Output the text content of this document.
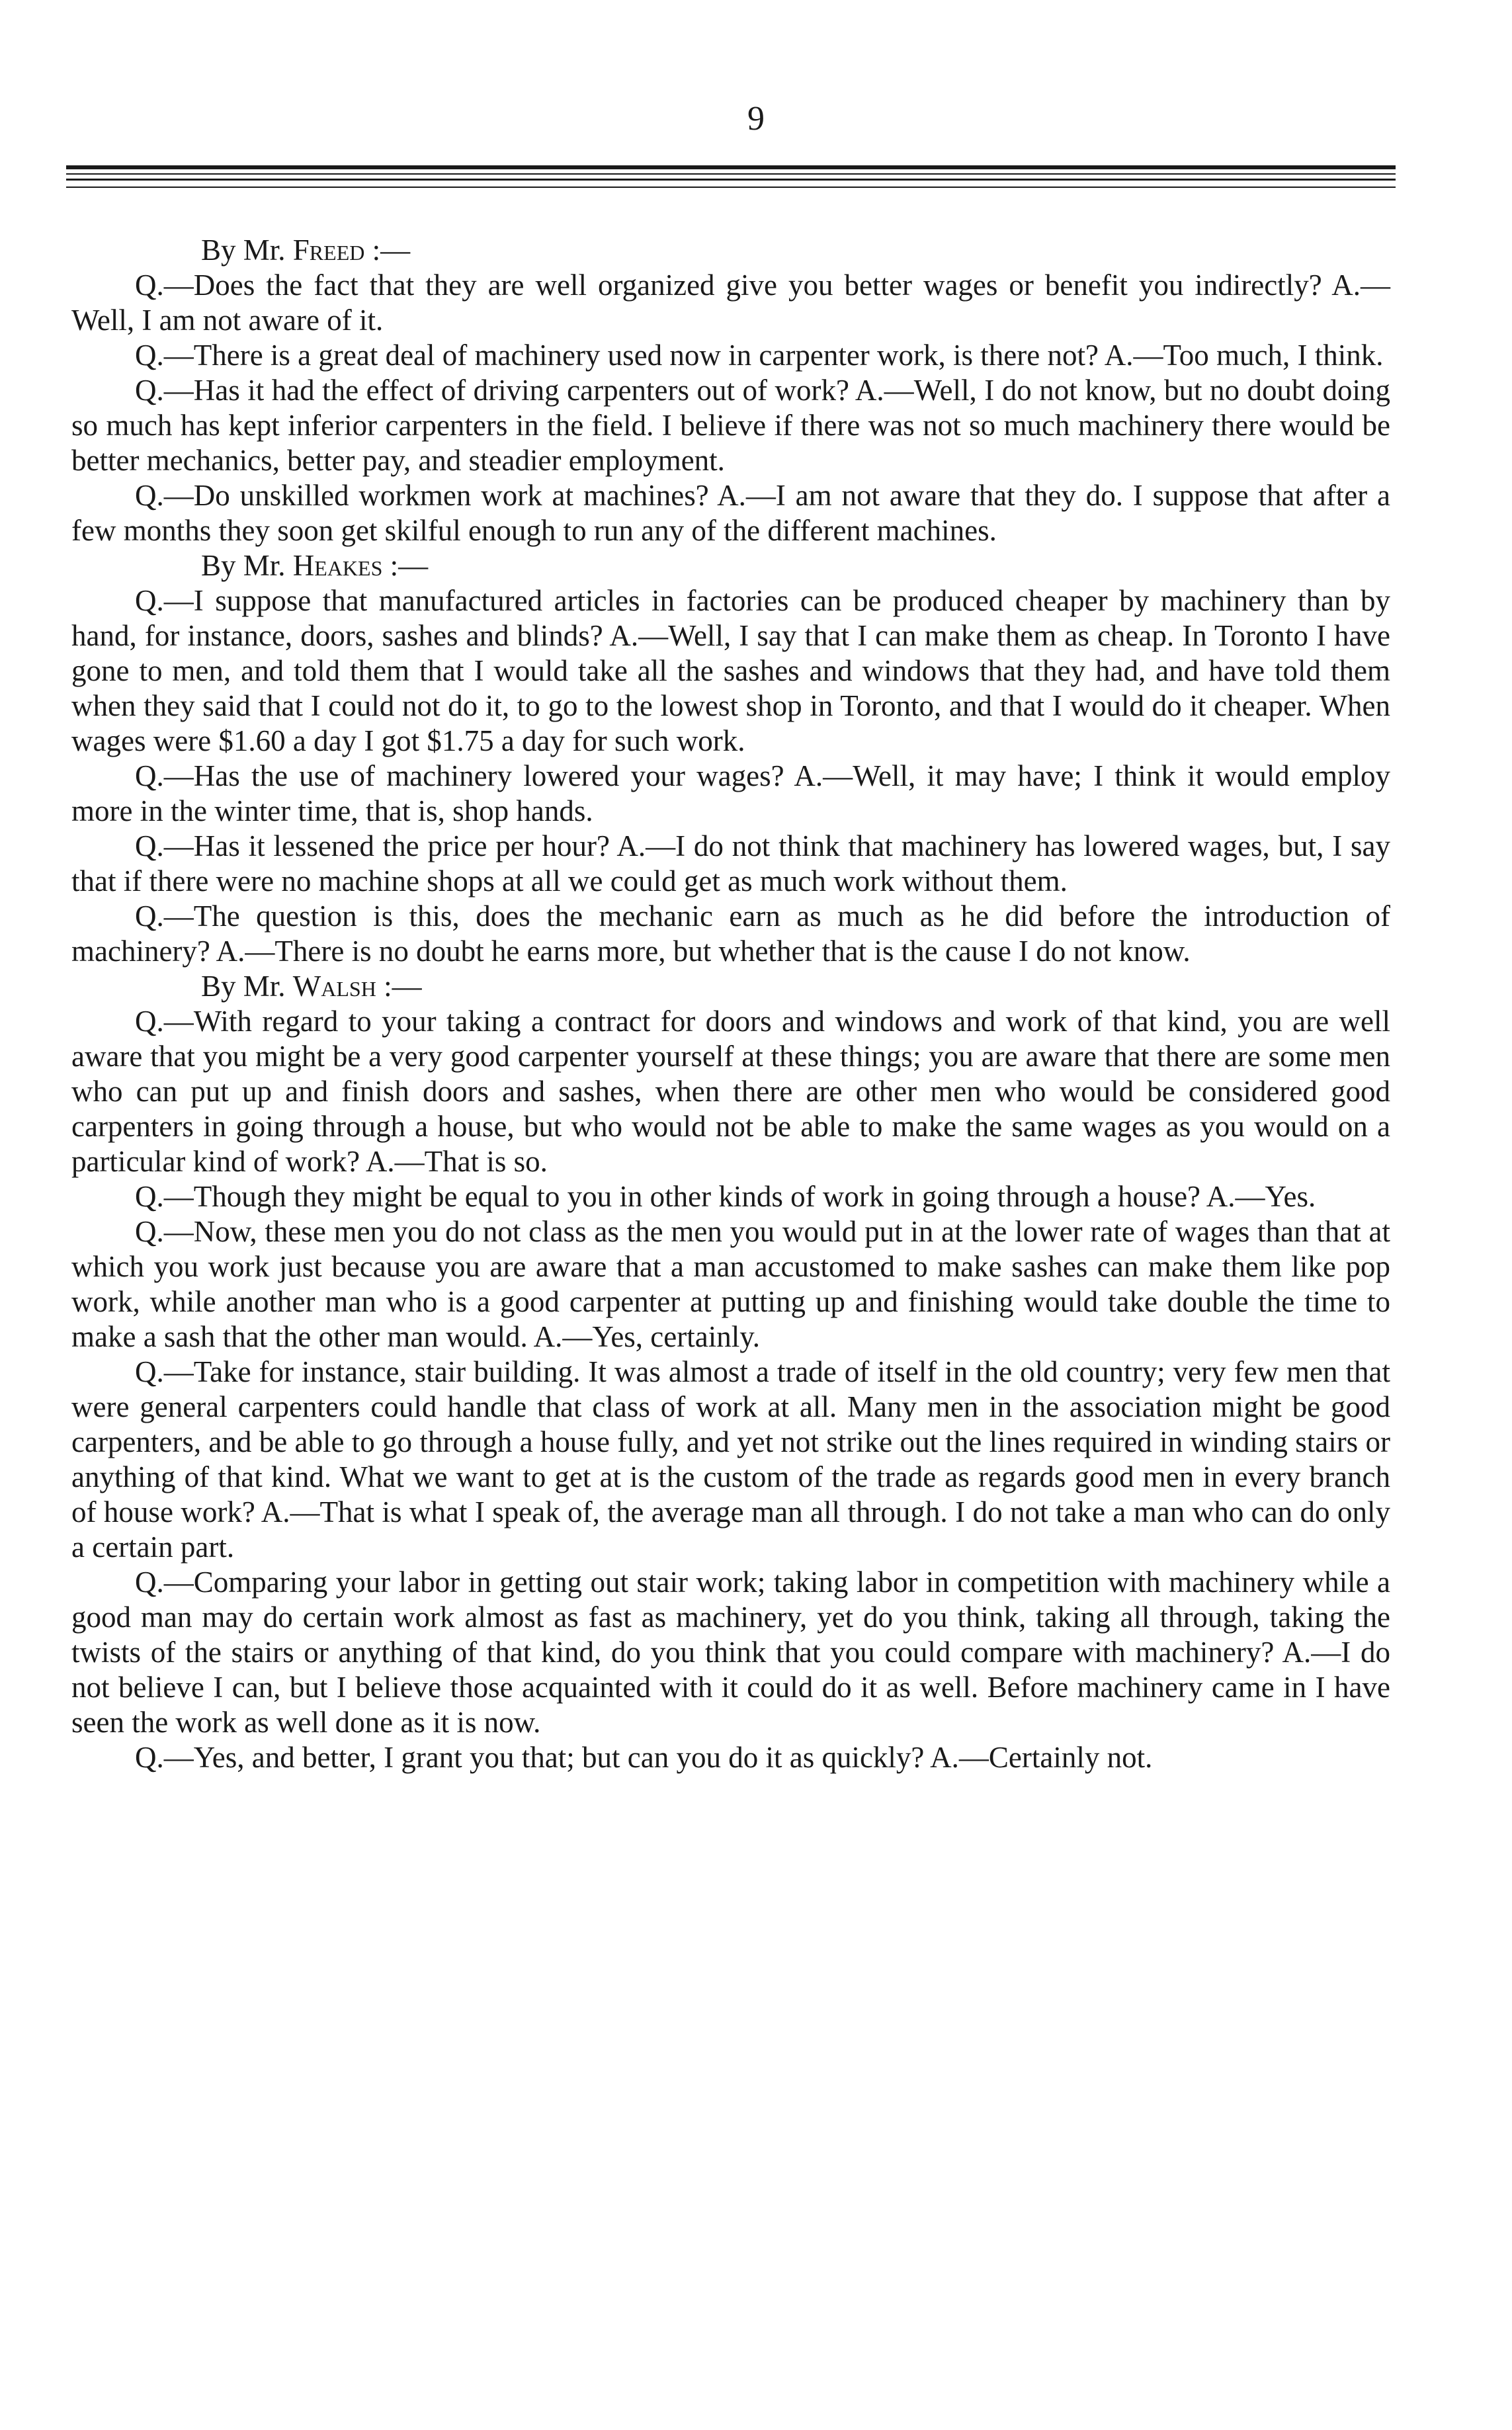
9

By Mr. Freed :—

Q.—Does the fact that they are well organized give you better wages or benefit you indirectly? A.—Well, I am not aware of it.

Q.—There is a great deal of machinery used now in carpenter work, is there not? A.—Too much, I think.

Q.—Has it had the effect of driving carpenters out of work? A.—Well, I do not know, but no doubt doing so much has kept inferior carpenters in the field. I believe if there was not so much machinery there would be better mechanics, better pay, and steadier employment.

Q.—Do unskilled workmen work at machines? A.—I am not aware that they do. I suppose that after a few months they soon get skilful enough to run any of the different machines.

By Mr. Heakes :—

Q.—I suppose that manufactured articles in factories can be produced cheaper by machinery than by hand, for instance, doors, sashes and blinds? A.—Well, I say that I can make them as cheap. In Toronto I have gone to men, and told them that I would take all the sashes and windows that they had, and have told them when they said that I could not do it, to go to the lowest shop in Toronto, and that I would do it cheaper. When wages were $1.60 a day I got $1.75 a day for such work.

Q.—Has the use of machinery lowered your wages? A.—Well, it may have; I think it would employ more in the winter time, that is, shop hands.

Q.—Has it lessened the price per hour? A.—I do not think that machinery has lowered wages, but, I say that if there were no machine shops at all we could get as much work without them.

Q.—The question is this, does the mechanic earn as much as he did before the introduction of machinery? A.—There is no doubt he earns more, but whether that is the cause I do not know.

By Mr. Walsh :—

Q.—With regard to your taking a contract for doors and windows and work of that kind, you are well aware that you might be a very good carpenter yourself at these things; you are aware that there are some men who can put up and finish doors and sashes, when there are other men who would be considered good carpenters in going through a house, but who would not be able to make the same wages as you would on a particular kind of work? A.—That is so.

Q.—Though they might be equal to you in other kinds of work in going through a house? A.—Yes.

Q.—Now, these men you do not class as the men you would put in at the lower rate of wages than that at which you work just because you are aware that a man accustomed to make sashes can make them like pop work, while another man who is a good carpenter at putting up and finishing would take double the time to make a sash that the other man would. A.—Yes, certainly.

Q.—Take for instance, stair building. It was almost a trade of itself in the old country; very few men that were general carpenters could handle that class of work at all. Many men in the association might be good carpenters, and be able to go through a house fully, and yet not strike out the lines required in winding stairs or anything of that kind. What we want to get at is the custom of the trade as regards good men in every branch of house work? A.—That is what I speak of, the average man all through. I do not take a man who can do only a certain part.

Q.—Comparing your labor in getting out stair work; taking labor in competition with machinery while a good man may do certain work almost as fast as machinery, yet do you think, taking all through, taking the twists of the stairs or anything of that kind, do you think that you could compare with machinery? A.—I do not believe I can, but I believe those acquainted with it could do it as well. Before machinery came in I have seen the work as well done as it is now.

Q.—Yes, and better, I grant you that; but can you do it as quickly? A.—Certainly not.
